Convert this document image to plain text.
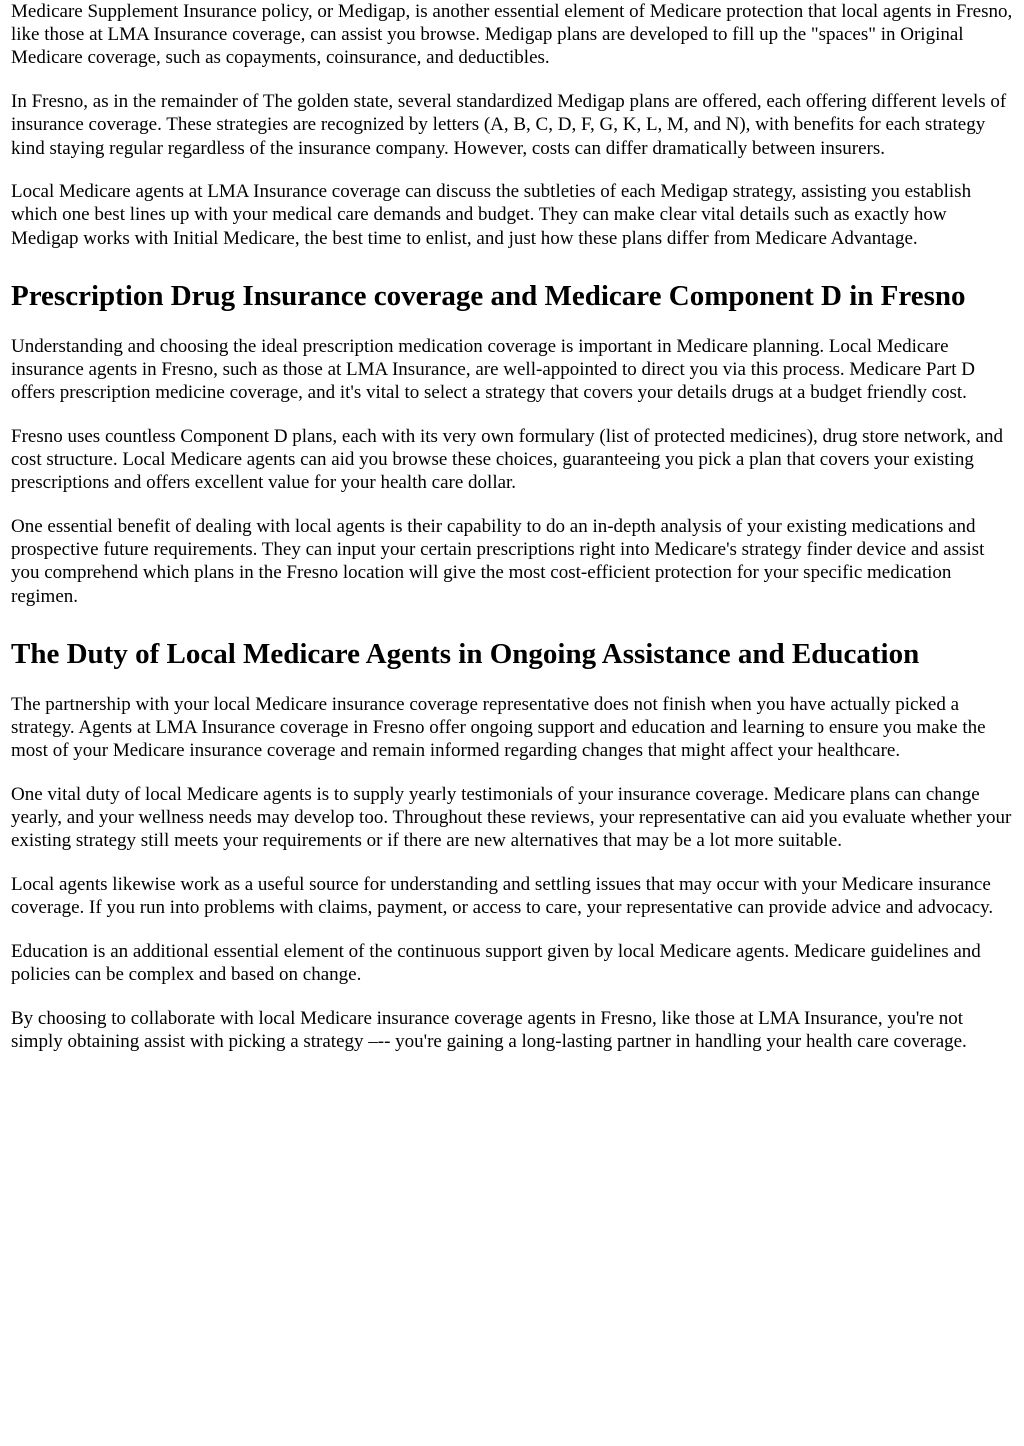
Medicare Supplement Insurance policy, or Medigap, is another essential element of Medicare protection that local agents in Fresno, like those at LMA Insurance coverage, can assist you browse. Medigap plans are developed to fill up the "spaces" in Original Medicare coverage, such as copayments, coinsurance, and deductibles.

In Fresno, as in the remainder of The golden state, several standardized Medigap plans are offered, each offering different levels of insurance coverage. These strategies are recognized by letters (A, B, C, D, F, G, K, L, M, and N), with benefits for each strategy kind staying regular regardless of the insurance company. However, costs can differ dramatically between insurers.

Local Medicare agents at LMA Insurance coverage can discuss the subtleties of each Medigap strategy, assisting you establish which one best lines up with your medical care demands and budget. They can make clear vital details such as exactly how Medigap works with Initial Medicare, the best time to enlist, and just how these plans differ from Medicare Advantage.

Prescription Drug Insurance coverage and Medicare Component D in Fresno

Understanding and choosing the ideal prescription medication coverage is important in Medicare planning. Local Medicare insurance agents in Fresno, such as those at LMA Insurance, are well-appointed to direct you via this process. Medicare Part D offers prescription medicine coverage, and it's vital to select a strategy that covers your details drugs at a budget friendly cost.

Fresno uses countless Component D plans, each with its very own formulary (list of protected medicines), drug store network, and cost structure. Local Medicare agents can aid you browse these choices, guaranteeing you pick a plan that covers your existing prescriptions and offers excellent value for your health care dollar.

One essential benefit of dealing with local agents is their capability to do an in-depth analysis of your existing medications and prospective future requirements. They can input your certain prescriptions right into Medicare's strategy finder device and assist you comprehend which plans in the Fresno location will give the most cost-efficient protection for your specific medication regimen.

The Duty of Local Medicare Agents in Ongoing Assistance and Education

The partnership with your local Medicare insurance coverage representative does not finish when you have actually picked a strategy. Agents at LMA Insurance coverage in Fresno offer ongoing support and education and learning to ensure you make the most of your Medicare insurance coverage and remain informed regarding changes that might affect your healthcare.

One vital duty of local Medicare agents is to supply yearly testimonials of your insurance coverage. Medicare plans can change yearly, and your wellness needs may develop too. Throughout these reviews, your representative can aid you evaluate whether your existing strategy still meets your requirements or if there are new alternatives that may be a lot more suitable.

Local agents likewise work as a useful source for understanding and settling issues that may occur with your Medicare insurance coverage. If you run into problems with claims, payment, or access to care, your representative can provide advice and advocacy.

Education is an additional essential element of the continuous support given by local Medicare agents. Medicare guidelines and policies can be complex and based on change.

By choosing to collaborate with local Medicare insurance coverage agents in Fresno, like those at LMA Insurance, you're not simply obtaining assist with picking a strategy –-- you're gaining a long-lasting partner in handling your health care coverage.
